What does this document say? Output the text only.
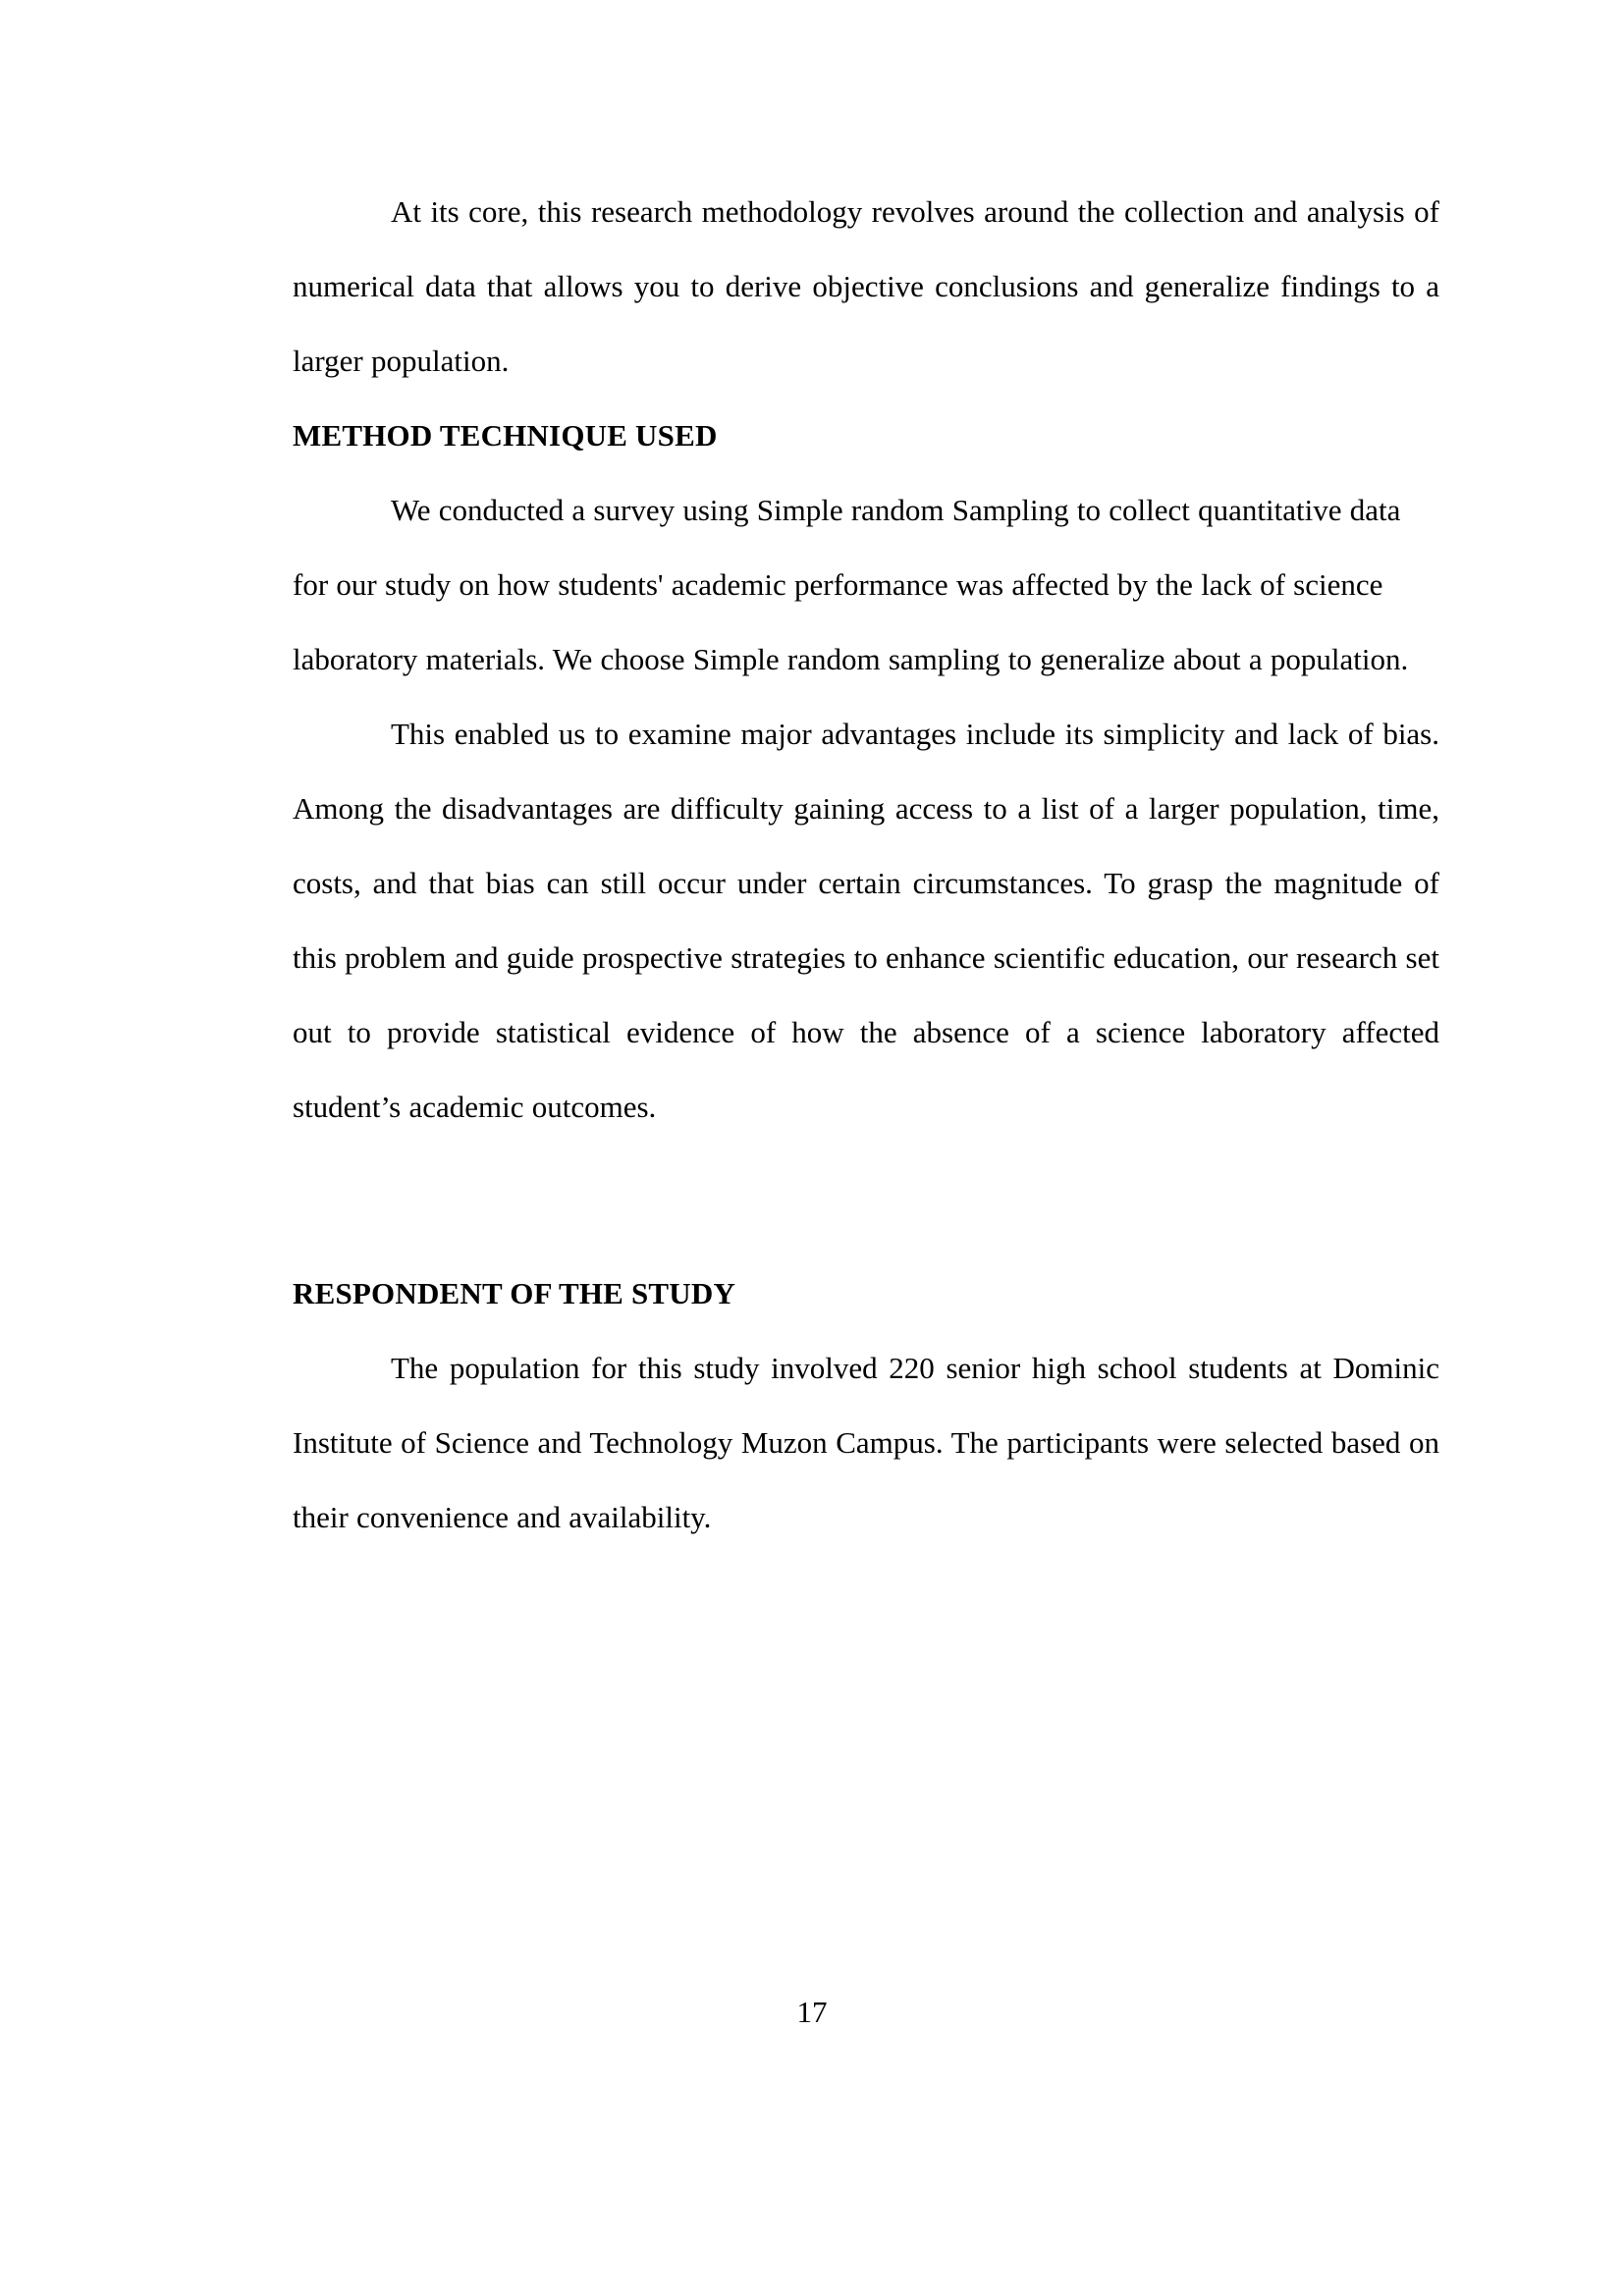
At its core, this research methodology revolves around the collection and analysis of numerical data that allows you to derive objective conclusions and generalize findings to a larger population.

METHOD TECHNIQUE USED

We conducted a survey using Simple random Sampling to collect quantitative data for our study on how students' academic performance was affected by the lack of science laboratory materials. We choose Simple random sampling to generalize about a population.

This enabled us to examine major advantages include its simplicity and lack of bias. Among the disadvantages are difficulty gaining access to a list of a larger population, time, costs, and that bias can still occur under certain circumstances. To grasp the magnitude of this problem and guide prospective strategies to enhance scientific education, our research set out to provide statistical evidence of how the absence of a science laboratory affected student’s academic outcomes.

RESPONDENT OF THE STUDY

The population for this study involved 220 senior high school students at Dominic Institute of Science and Technology Muzon Campus. The participants were selected based on their convenience and availability.

17
